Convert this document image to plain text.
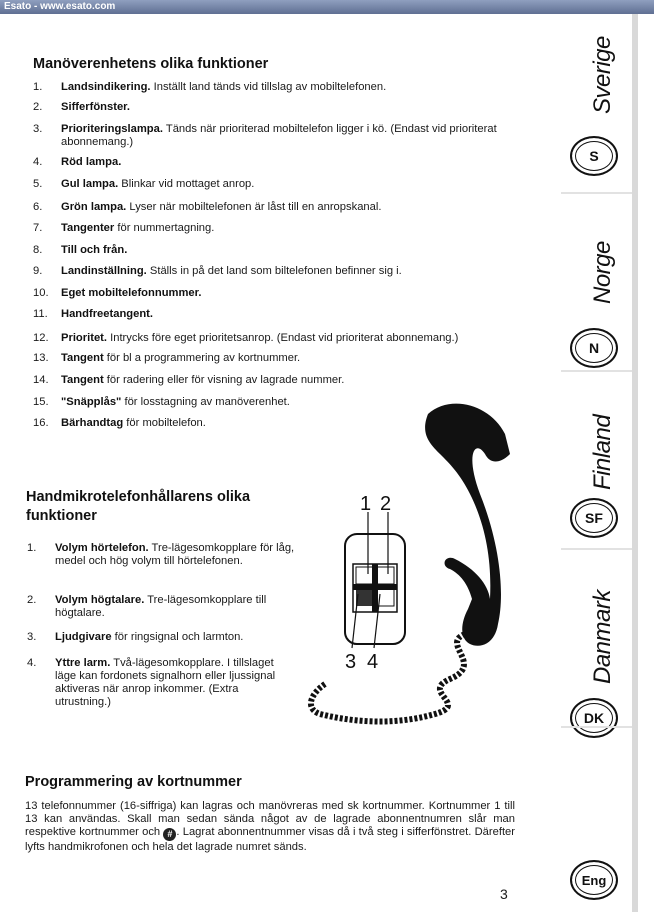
Esato - www.esato.com
Manöverenhetens olika funktioner
1. Landsindikering. Inställt land tänds vid tillslag av mobiltelefonen.
2. Sifferfönster.
3. Prioriteringslampa. Tänds när prioriterad mobiltelefon ligger i kö. (Endast vid prioriterat abonnemang.)
4. Röd lampa.
5. Gul lampa. Blinkar vid mottaget anrop.
6. Grön lampa. Lyser när mobiltelefonen är låst till en anropskanal.
7. Tangenter för nummertagning.
8. Till och från.
9. Landinställning. Ställs in på det land som biltelefonen befinner sig i.
10. Eget mobiltelefonnummer.
11. Handfreetangent.
12. Prioritet. Intrycks före eget prioritetsanrop. (Endast vid prioriterat abonnemang.)
13. Tangent för bl a programmering av kortnummer.
14. Tangent för radering eller för visning av lagrade nummer.
15. "Snäpplås" för losstagning av manöverenhet.
16. Bärhandtag för mobiltelefon.
Handmikrotelefonhållarens olika funktioner
1. Volym hörtelefon. Tre-lägesomkopplare för låg, medel och hög volym till hörtelefonen.
2. Volym högtalare. Tre-lägesomkopplare till högtalare.
3. Ljudgivare för ringsignal och larmton.
4. Yttre larm. Två-lägesomkopplare. I tillslaget läge kan fordonets signalhorn eller ljussignal aktiveras när anrop inkommer. (Extra utrustning.)
1 2
3 4
Programmering av kortnummer
13 telefonnummer (16-siffriga) kan lagras och manövreras med sk kortnummer. Kortnummer 1 till 13 kan användas. Skall man sedan sända något av de lagrade abonnentnumren slår man respektive kortnummer och # . Lagrat abonnentnummer visas då i två steg i sifferfönstret. Därefter lyfts handmikrofonen och hela det lagrade numret sänds.
3
Sverige
S
Norge
N
Finland
SF
Danmark
DK
Eng
